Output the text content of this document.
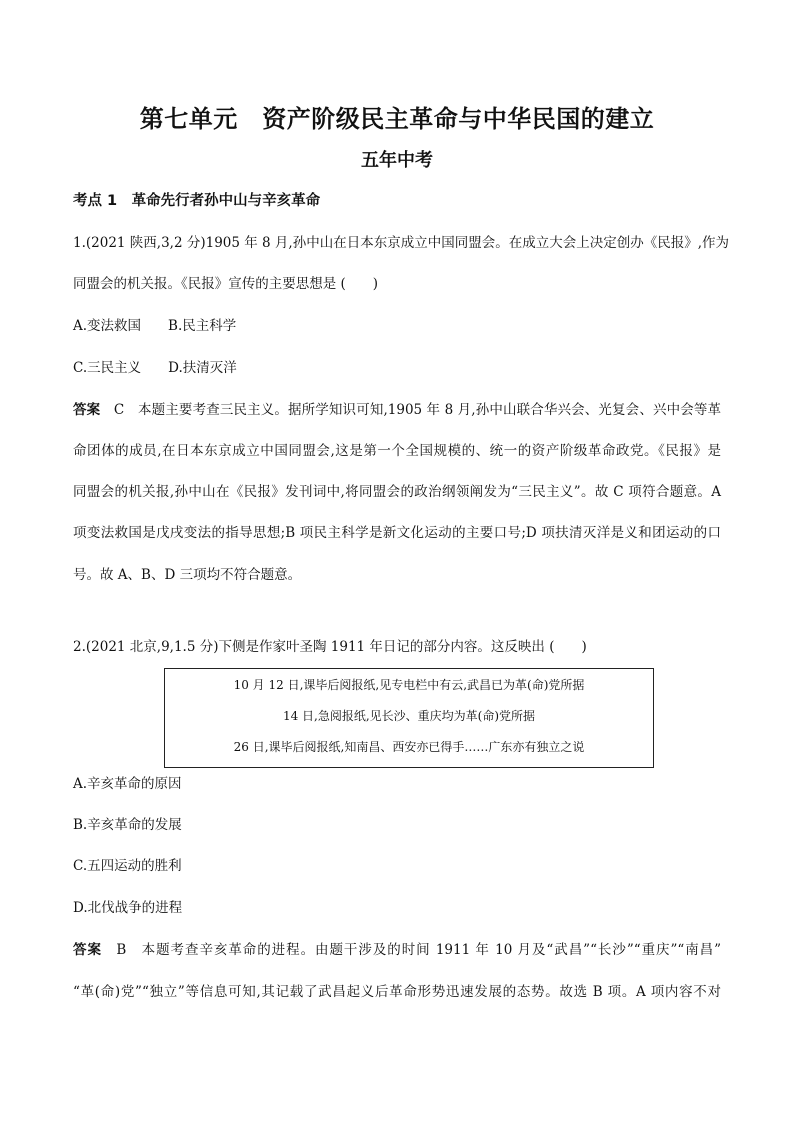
第七单元　资产阶级民主革命与中华民国的建立
五年中考
考点 1　革命先行者孙中山与辛亥革命
1.(2021 陕西,3,2 分)1905 年 8 月,孙中山在日本东京成立中国同盟会。在成立大会上决定创办《民报》,作为
同盟会的机关报。《民报》宣传的主要思想是 (　　)
A.变法救国　　B.民主科学
C.三民主义　　D.扶清灭洋
答案　C　本题主要考查三民主义。据所学知识可知,1905 年 8 月,孙中山联合华兴会、光复会、兴中会等革
命团体的成员,在日本东京成立中国同盟会,这是第一个全国规模的、统一的资产阶级革命政党。《民报》是
同盟会的机关报,孙中山在《民报》发刊词中,将同盟会的政治纲领阐发为“三民主义”。故 C 项符合题意。A
项变法救国是戊戌变法的指导思想;B 项民主科学是新文化运动的主要口号;D 项扶清灭洋是义和团运动的口
号。故 A、B、D 三项均不符合题意。
2.(2021 北京,9,1.5 分)下侧是作家叶圣陶 1911 年日记的部分内容。这反映出 (　　)
10 月 12 日,课毕后阅报纸,见专电栏中有云,武昌已为革(命)党所据
14 日,急阅报纸,见长沙、重庆均为革(命)党所据
26 日,课毕后阅报纸,知南昌、西安亦已得手……广东亦有独立之说
A.辛亥革命的原因
B.辛亥革命的发展
C.五四运动的胜利
D.北伐战争的进程
答案　B　本题考查辛亥革命的进程。由题干涉及的时间 1911 年 10 月及“武昌”“长沙”“重庆”“南昌”
“革(命)党”“独立”等信息可知,其记载了武昌起义后革命形势迅速发展的态势。故选 B 项。A 项内容不对
